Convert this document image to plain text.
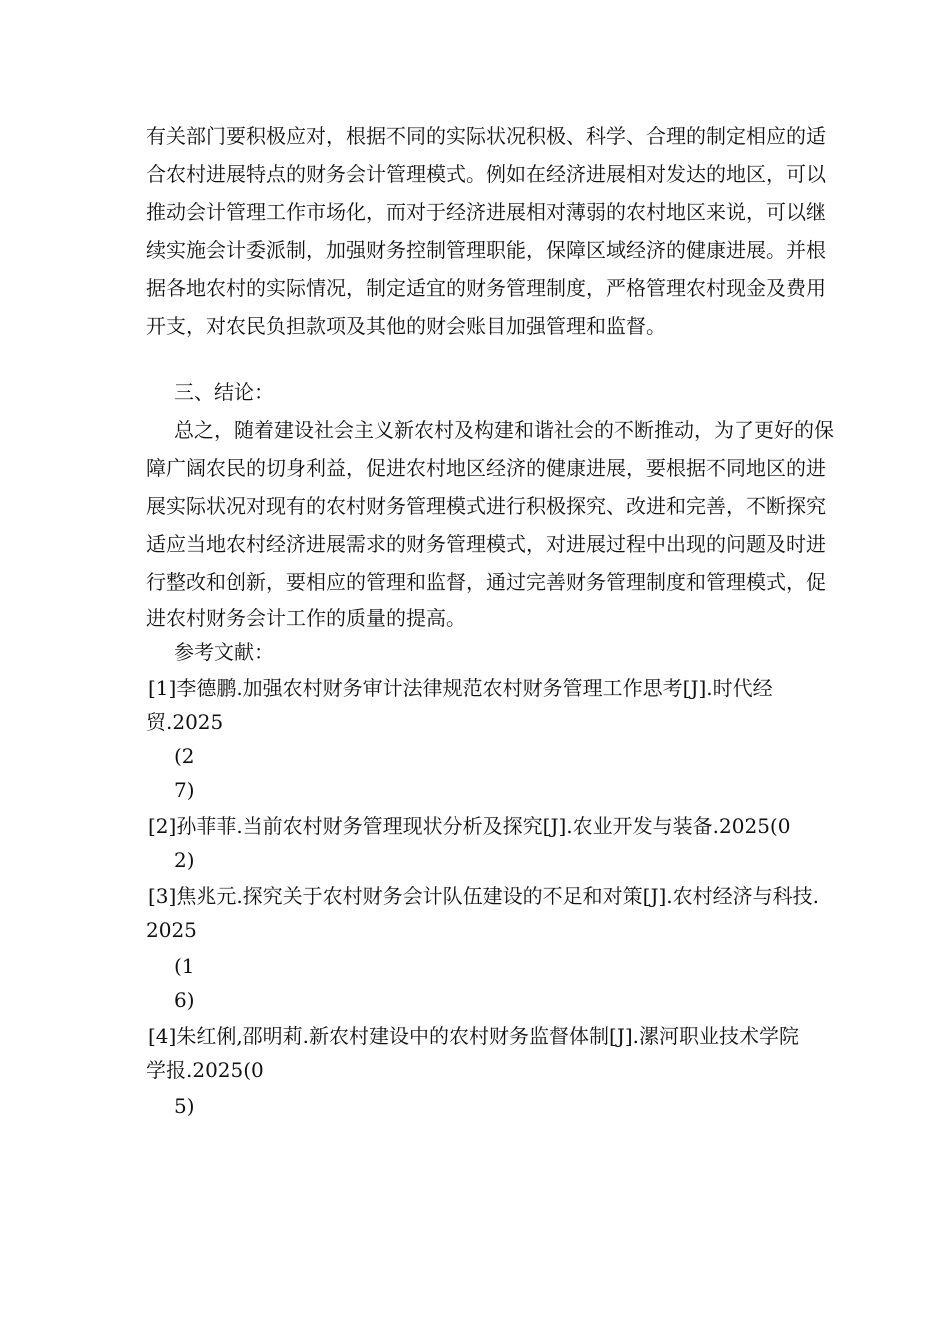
有关部门要积极应对，根据不同的实际状况积极、科学、合理的制定相应的适
合农村进展特点的财务会计管理模式。例如在经济进展相对发达的地区，可以
推动会计管理工作市场化，而对于经济进展相对薄弱的农村地区来说，可以继
续实施会计委派制，加强财务控制管理职能，保障区域经济的健康进展。并根
据各地农村的实际情况，制定适宜的财务管理制度，严格管理农村现金及费用
开支，对农民负担款项及其他的财会账目加强管理和监督。
三、结论：
总之，随着建设社会主义新农村及构建和谐社会的不断推动，为了更好的保
障广阔农民的切身利益，促进农村地区经济的健康进展，要根据不同地区的进
展实际状况对现有的农村财务管理模式进行积极探究、改进和完善，不断探究
适应当地农村经济进展需求的财务管理模式，对进展过程中出现的问题及时进
行整改和创新，要相应的管理和监督，通过完善财务管理制度和管理模式，促
进农村财务会计工作的质量的提高。
参考文献：
[1]李德鹏.加强农村财务审计法律规范农村财务管理工作思考[J].时代经
贸.2025
(2
7)
[2]孙菲菲.当前农村财务管理现状分析及探究[J].农业开发与装备.2025(0
2)
[3]焦兆元.探究关于农村财务会计队伍建设的不足和对策[J].农村经济与科技.
2025
(1
6)
[4]朱红俐,邵明莉.新农村建设中的农村财务监督体制[J].漯河职业技术学院
学报.2025(0
5)
